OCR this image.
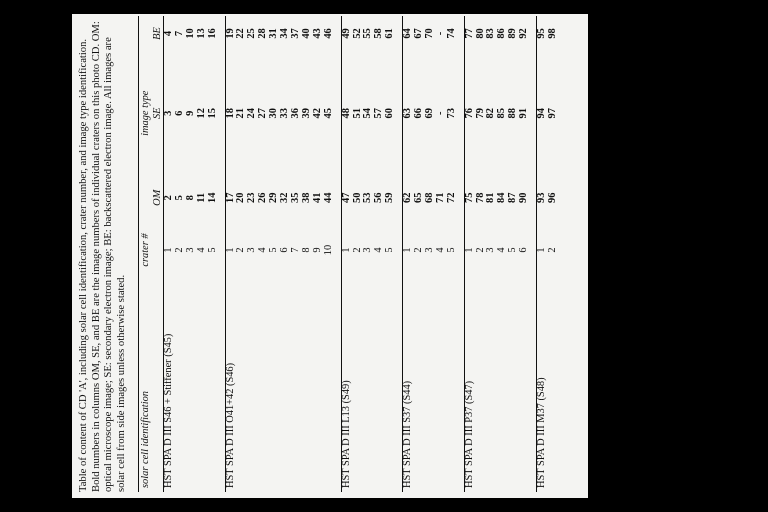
Table of content of CD 'A', including solar cell identification, crater number, and image type identification. Bold numbers in columns OM, SE, and BE are the image numbers of individual craters on this photo CD. OM: optical microscope image; SE: secondary electron image; BE: backscattered electron image. All images are solar cell from side images unless otherwise stated. solar cell identification	crater #		image type	
		OM	SE	BE
HST SPA D III S46 + Stiffener (S45)	1	2	3	4
	2	5	6	7
	3	8	9	10
	4	11	12	13
	5	14	15	16

HST SPA D III O41+42 (S46)	1	17	18	19
	2	20	21	22
	3	23	24	25
	4	26	27	28
	5	29	30	31
	6	32	33	34
	7	35	36	37
	8	38	39	40
	9	41	42	43
	10	44	45	46

HST SPA D III L13 (S49)	1	47	48	49
	2	50	51	52
	3	53	54	55
	4	56	57	58
	5	59	60	61

HST SPA D III S37 (S44)	1	62	63	64
	2	65	66	67
	3	68	69	70
	4	71	-	-
	5	72	73	74

HST SPA D III P37 (S47)	1	75	76	77
	2	78	79	80
	3	81	82	83
	4	84	85	86
	5	87	88	89
	6	90	91	92

HST SPA D III M37 (S48)	1	93	94	95
	2	96	97	98
